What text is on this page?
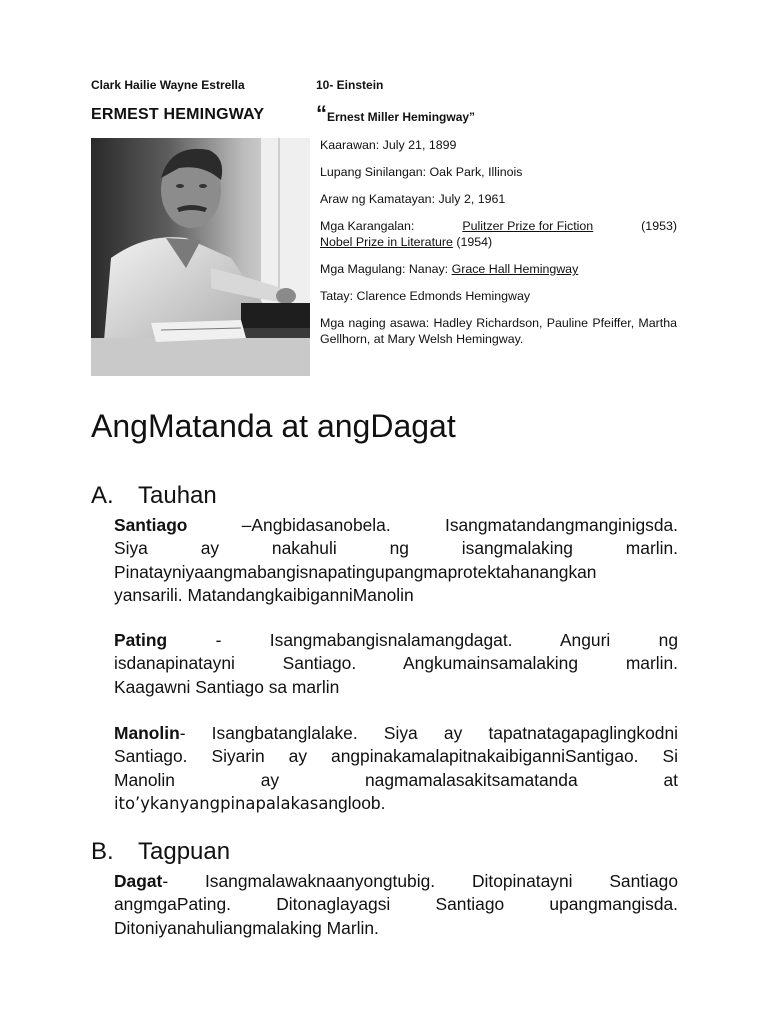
Clark Hailie Wayne Estrella	10- Einstein
ERMEST HEMINGWAY “Ernest Miller Hemingway”
Kaarawan: July 21, 1899
Lupang Sinilangan: Oak Park, Illinois
Araw ng Kamatayan: July 2, 1961
Mga Karangalan:	Pulitzer Prize for Fiction	(1953)
Nobel Prize in Literature (1954)
Mga Magulang: Nanay: Grace Hall Hemingway
Tatay: Clarence Edmonds Hemingway
Mga naging asawa: Hadley Richardson, Pauline Pfeiffer, Martha Gellhorn, at Mary Welsh Hemingway.
AngMatanda at angDagat
A. Tauhan
Santiago –Angbidasanobela. Isangmatandangmanginigsda.
Siya ay nakahuli ng isangmalaking marlin.
Pinatayniyaangmabangisnapatingupangmaprotektahanangkan
yansarili. MatandangkaibiganniManolin
Pating - Isangmabangisnalamangdagat. Anguri ng
isdanapinatayni Santiago. Angkumainsamalaking marlin.
Kaagawni Santiago sa marlin
Manolin- Isangbatanglalake. Siya ay tapatnatagapaglingkodni
Santiago. Siyarin ay angpinakamalapitnakaibiganniSantigao. Si
Manolin ay nagmamalasakitsamatanda at
ito’ykanyangpinapalakasangloob.
B. Tagpuan
Dagat- Isangmalawaknaanyongtubig. Ditopinatayni Santiago
angmgaPating. Ditonaglayagsi Santiago upangmangisda.
Ditoniyanahuliangmalaking Marlin.
